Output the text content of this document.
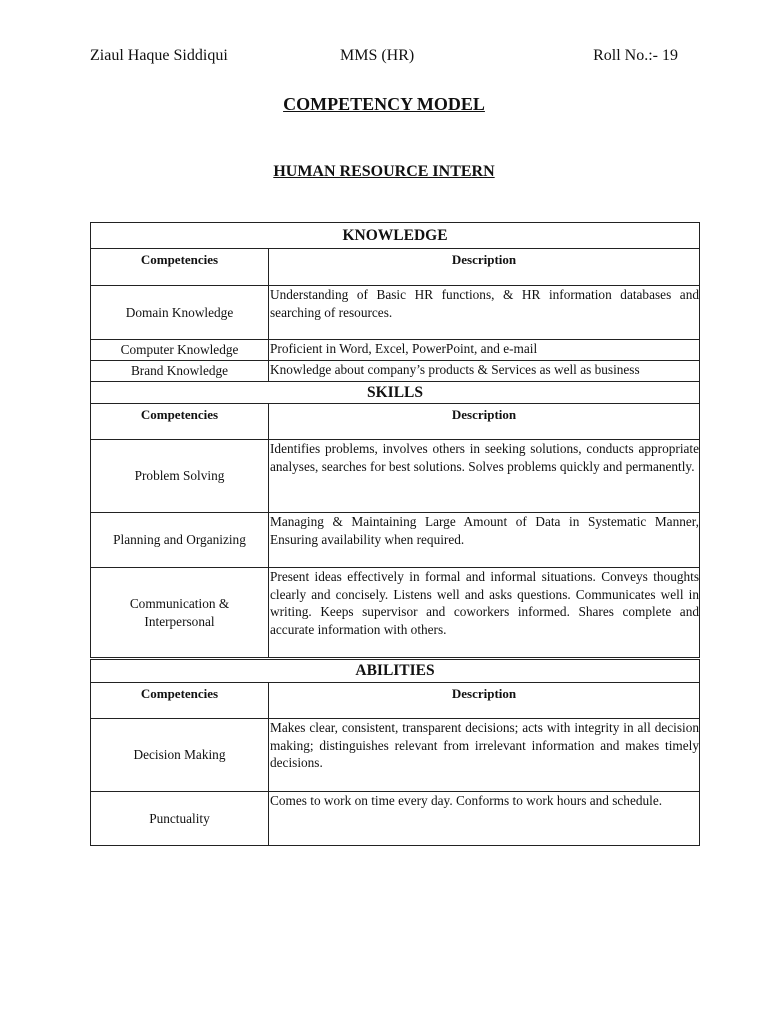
Ziaul Haque Siddiqui	MMS (HR)	Roll No.:- 19
COMPETENCY MODEL
HUMAN RESOURCE INTERN
KNOWLEDGE	
Competencies	Description
Domain Knowledge	Understanding of Basic HR functions, & HR information databases and searching of resources.
Computer Knowledge	Proficient in Word, Excel, PowerPoint, and e-mail
Brand Knowledge	Knowledge about company’s products & Services as well as business
SKILLS	
Competencies	Description
Problem Solving	Identifies problems, involves others in seeking solutions, conducts appropriate analyses, searches for best solutions. Solves problems quickly and permanently.
Planning and Organizing	Managing & Maintaining Large Amount of Data in Systematic Manner, Ensuring availability when required.
Communication & Interpersonal	Present ideas effectively in formal and informal situations. Conveys thoughts clearly and concisely. Listens well and asks questions. Communicates well in writing. Keeps supervisor and coworkers informed. Shares complete and accurate information with others.
ABILITIES	
Competencies	Description
Decision Making	Makes clear, consistent, transparent decisions; acts with integrity in all decision making; distinguishes relevant from irrelevant information and makes timely decisions.
Punctuality	Comes to work on time every day. Conforms to work hours and schedule.
